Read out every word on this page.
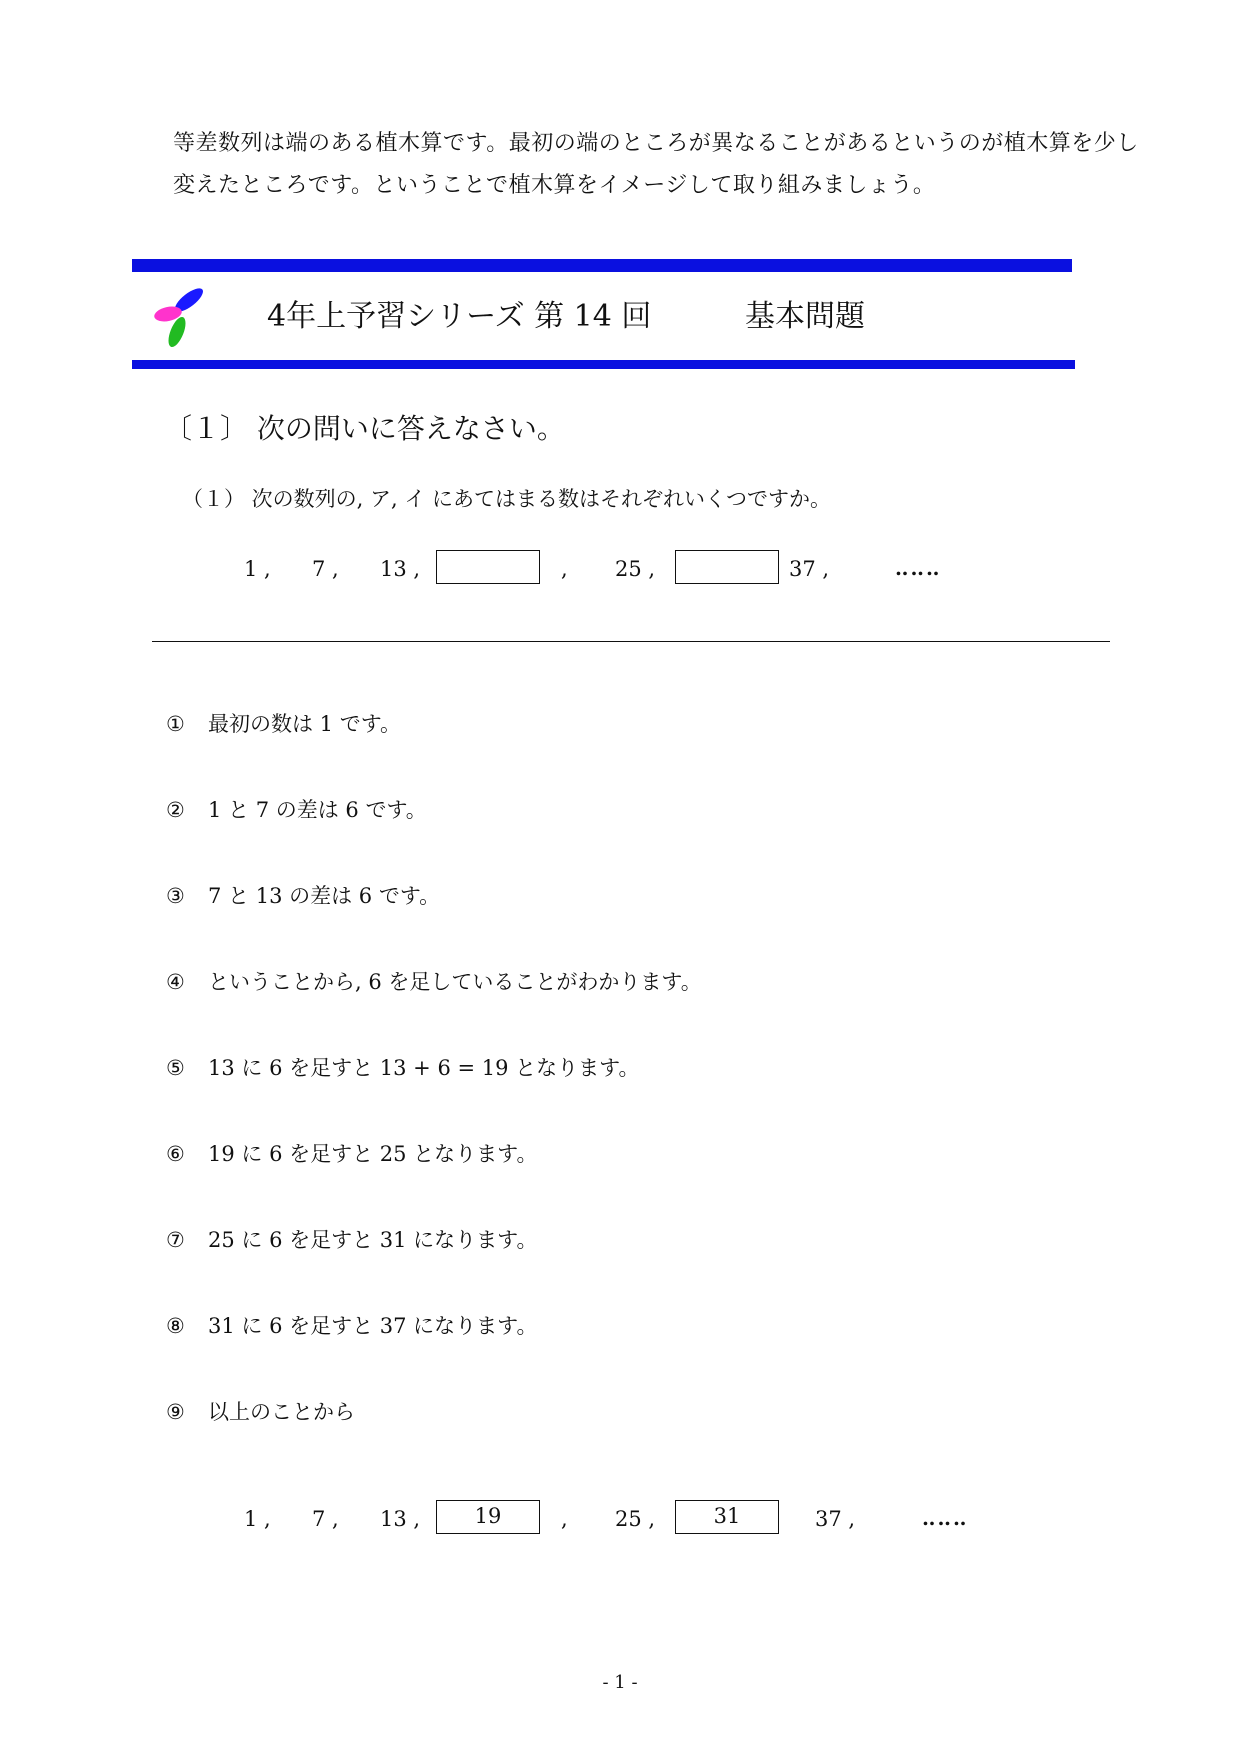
等差数列は端のある植木算です。最初の端のところが異なることがあるというのが植木算を少し
変えたところです。ということで植木算をイメージして取り組みましょう。
4年上予習シリーズ 第 14 回	基本問題
〔１〕 次の問いに答えなさい。
（１） 次の数列の, ア, イ にあてはまる数はそれぞれいくつですか。
1 , 7 , 13 ,	, 25 ,	37 ,	‥‥‥
① 最初の数は 1 です。
② 1 と 7 の差は 6 です。
③ 7 と 13 の差は 6 です。
④ ということから, 6 を足していることがわかります。
⑤ 13 に 6 を足すと 13 + 6 = 19 となります。
⑥ 19 に 6 を足すと 25 となります。
⑦ 25 に 6 を足すと 31 になります。
⑧ 31 に 6 を足すと 37 になります。
⑨ 以上のことから
1 , 7 , 13 ,	19	, 25 ,	31	37 ,	‥‥‥
- 1 -
